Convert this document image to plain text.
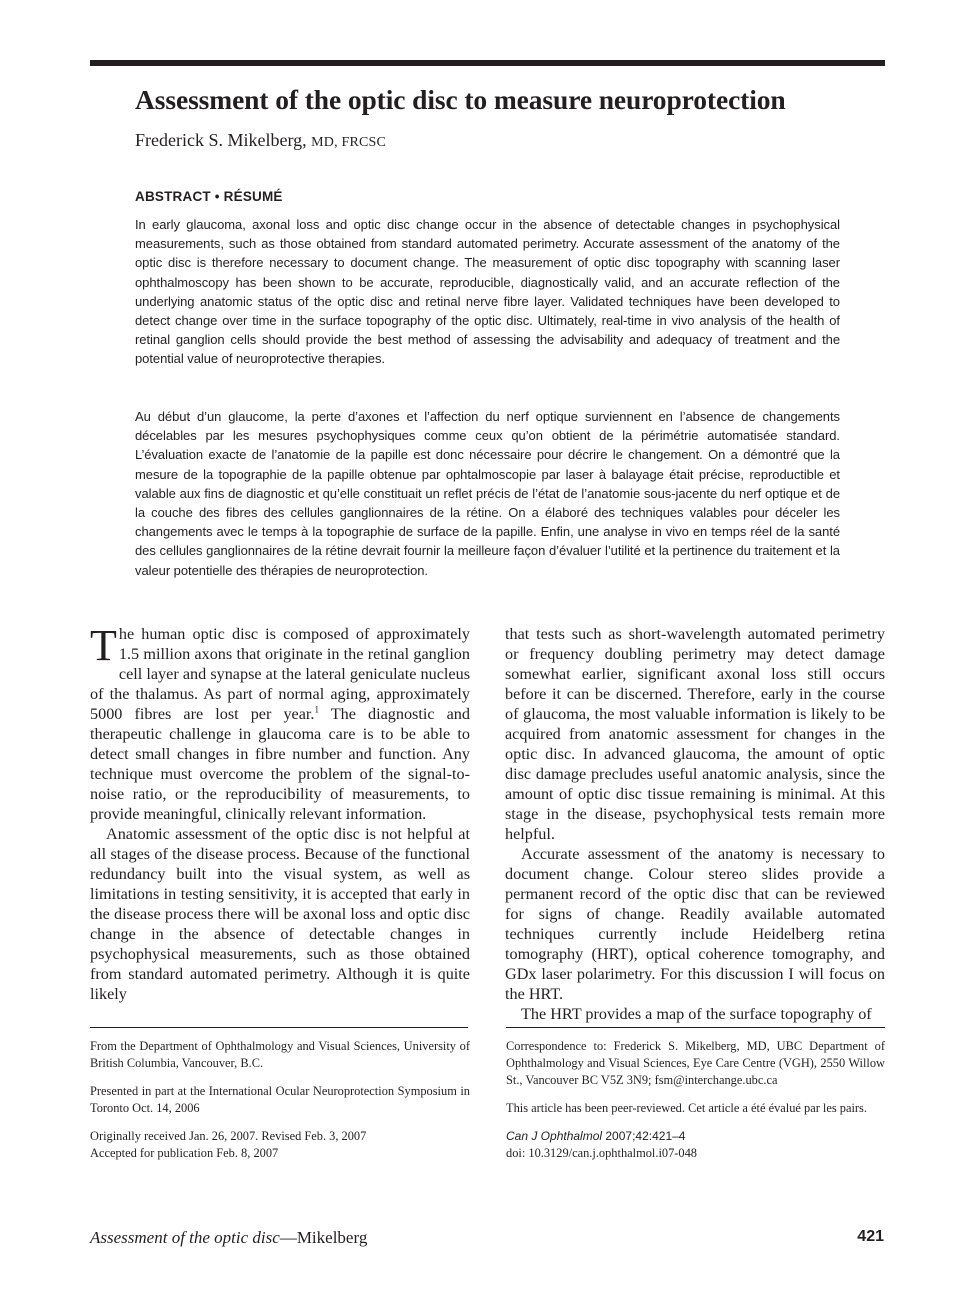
Assessment of the optic disc to measure neuroprotection
Frederick S. Mikelberg, MD, FRCSC
ABSTRACT • RÉSUMÉ

In early glaucoma, axonal loss and optic disc change occur in the absence of detectable changes in psychophysical measurements, such as those obtained from standard automated perimetry. Accurate assessment of the anatomy of the optic disc is therefore necessary to document change. The measurement of optic disc topography with scanning laser ophthalmoscopy has been shown to be accurate, reproducible, diagnostically valid, and an accurate reflection of the underlying anatomic status of the optic disc and retinal nerve fibre layer. Validated techniques have been developed to detect change over time in the surface topography of the optic disc. Ultimately, real-time in vivo analysis of the health of retinal ganglion cells should provide the best method of assessing the advisability and adequacy of treatment and the potential value of neuroprotective therapies.

Au début d’un glaucome, la perte d’axones et l’affection du nerf optique surviennent en l’absence de changements décelables par les mesures psychophysiques comme ceux qu’on obtient de la périmétrie automatisée standard. L’évaluation exacte de l’anatomie de la papille est donc nécessaire pour décrire le changement. On a démontré que la mesure de la topographie de la papille obtenue par ophtalmoscopie par laser à balayage était précise, reproductible et valable aux fins de diagnostic et qu’elle constituait un reflet précis de l’état de l’anatomie sous-jacente du nerf optique et de la couche des fibres des cellules ganglionnaires de la rétine. On a élaboré des techniques valables pour déceler les changements avec le temps à la topographie de surface de la papille. Enfin, une analyse in vivo en temps réel de la santé des cellules ganglionnaires de la rétine devrait fournir la meilleure façon d’évaluer l’utilité et la pertinence du traitement et la valeur potentielle des thérapies de neuroprotection.

The human optic disc is composed of approximately 1.5 million axons that originate in the retinal ganglion cell layer and synapse at the lateral geniculate nucleus of the thalamus. As part of normal aging, approximately 5000 fibres are lost per year.$^1$ The diagnostic and therapeutic challenge in glaucoma care is to be able to detect small changes in fibre number and function. Any technique must overcome the problem of the signal-to-noise ratio, or the reproducibility of measurements, to provide meaningful, clinically relevant information.

Anatomic assessment of the optic disc is not helpful at all stages of the disease process. Because of the functional redundancy built into the visual system, as well as limitations in testing sensitivity, it is accepted that early in the disease process there will be axonal loss and optic disc change in the absence of detectable changes in psychophysical measurements, such as those obtained from standard automated perimetry. Although it is quite likely

that tests such as short-wavelength automated perimetry or frequency doubling perimetry may detect damage somewhat earlier, significant axonal loss still occurs before it can be discerned. Therefore, early in the course of glaucoma, the most valuable information is likely to be acquired from anatomic assessment for changes in the optic disc. In advanced glaucoma, the amount of optic disc damage precludes useful anatomic analysis, since the amount of optic disc tissue remaining is minimal. At this stage in the disease, psychophysical tests remain more helpful.

Accurate assessment of the anatomy is necessary to document change. Colour stereo slides provide a permanent record of the optic disc that can be reviewed for signs of change. Readily available automated techniques currently include Heidelberg retina tomography (HRT), optical coherence tomography, and GDx laser polarimetry. For this discussion I will focus on the HRT.

The HRT provides a map of the surface topography of

From the Department of Ophthalmology and Visual Sciences, University of British Columbia, Vancouver, B.C.

Presented in part at the International Ocular Neuroprotection Symposium in Toronto Oct. 14, 2006

Originally received Jan. 26, 2007. Revised Feb. 3, 2007
Accepted for publication Feb. 8, 2007

Correspondence to: Frederick S. Mikelberg, MD, UBC Department of Ophthalmology and Visual Sciences, Eye Care Centre (VGH), 2550 Willow St., Vancouver BC V5Z 3N9; fsm@interchange.ubc.ca

This article has been peer-reviewed. Cet article a été évalué par les pairs.

Can J Ophthalmol 2007;42:421–4
doi: 10.3129/can.j.ophthalmol.i07-048

Assessment of the optic disc—Mikelberg	421
